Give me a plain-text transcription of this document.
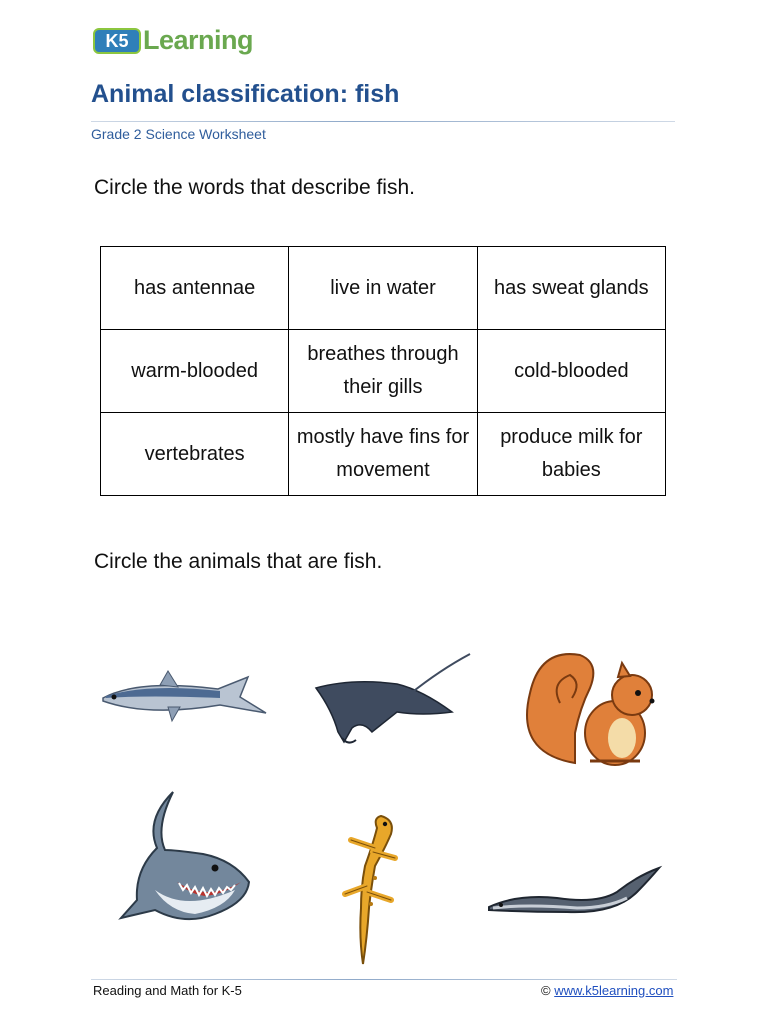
K5 Learning
Animal classification: fish
Grade 2 Science Worksheet
Circle the words that describe fish.
has antennae	live in water	has sweat glands
warm-blooded	breathes through their gills	cold-blooded
vertebrates	mostly have fins for movement	produce milk for babies
Circle the animals that are fish.
Reading and Math for K-5	© www.k5learning.com
